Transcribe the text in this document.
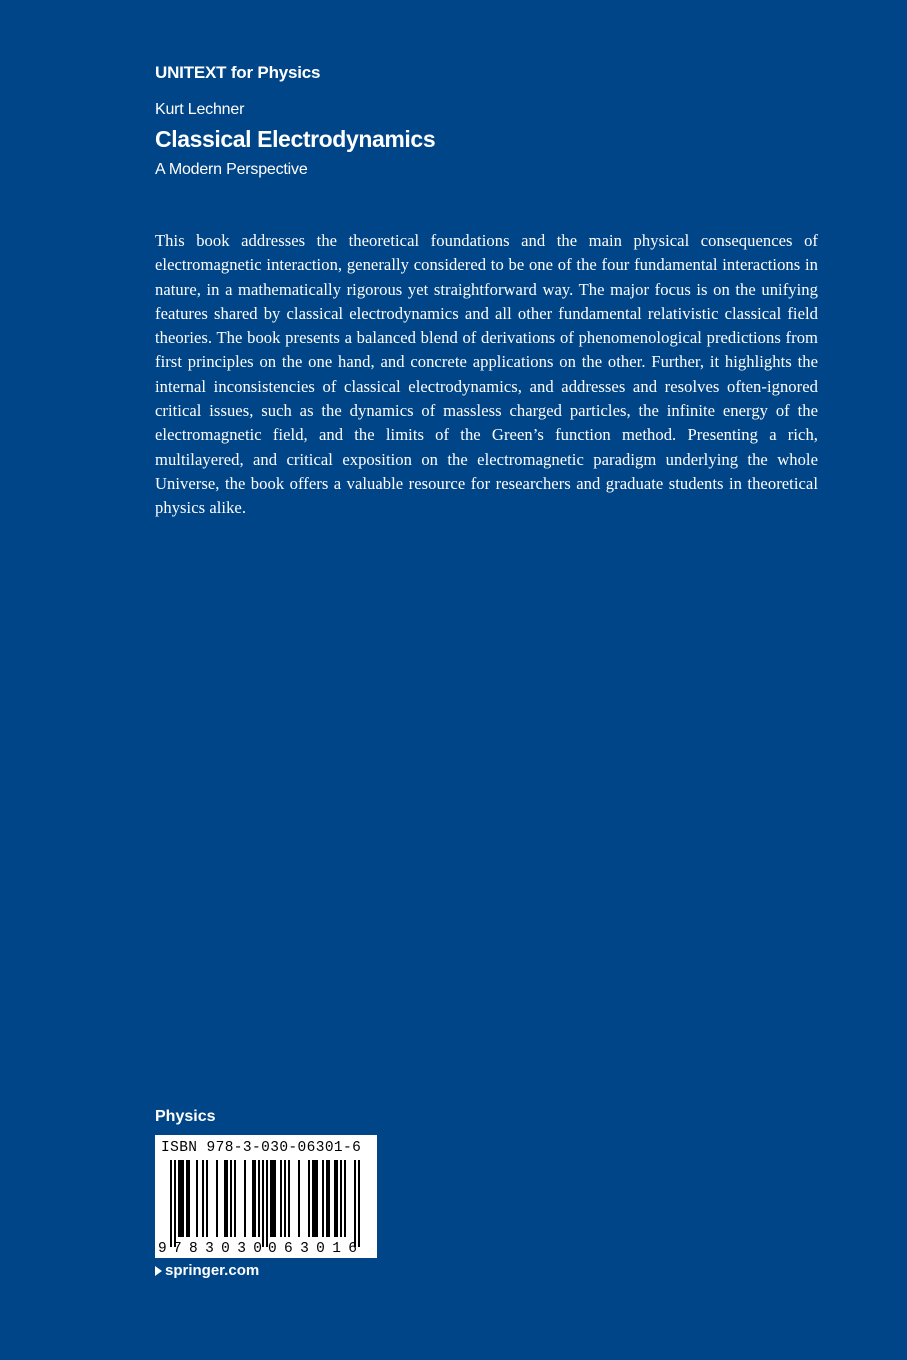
UNITEXT for Physics
Kurt Lechner
Classical Electrodynamics
A Modern Perspective

This book addresses the theoretical foundations and the main physical consequences of electromagnetic interaction, generally considered to be one of the four fundamental interactions in nature, in a mathematically rigorous yet straightforward way. The major focus is on the unifying features shared by classical electrodynamics and all other fundamental relativistic classical field theories. The book presents a balanced blend of derivations of phenomenological predictions from first principles on the one hand, and concrete applications on the other. Further, it highlights the internal inconsistencies of classical electrodynamics, and addresses and resolves often-ignored critical issues, such as the dynamics of massless charged particles, the infinite energy of the electromagnetic field, and the limits of the Green’s function method. Presenting a rich, multilayered, and critical exposition on the electromagnetic paradigm underlying the whole Universe, the book offers a valuable resource for researchers and graduate students in theoretical physics alike.

Physics
ISBN 978-3-030-06301-6
9 783030 063016
springer.com
